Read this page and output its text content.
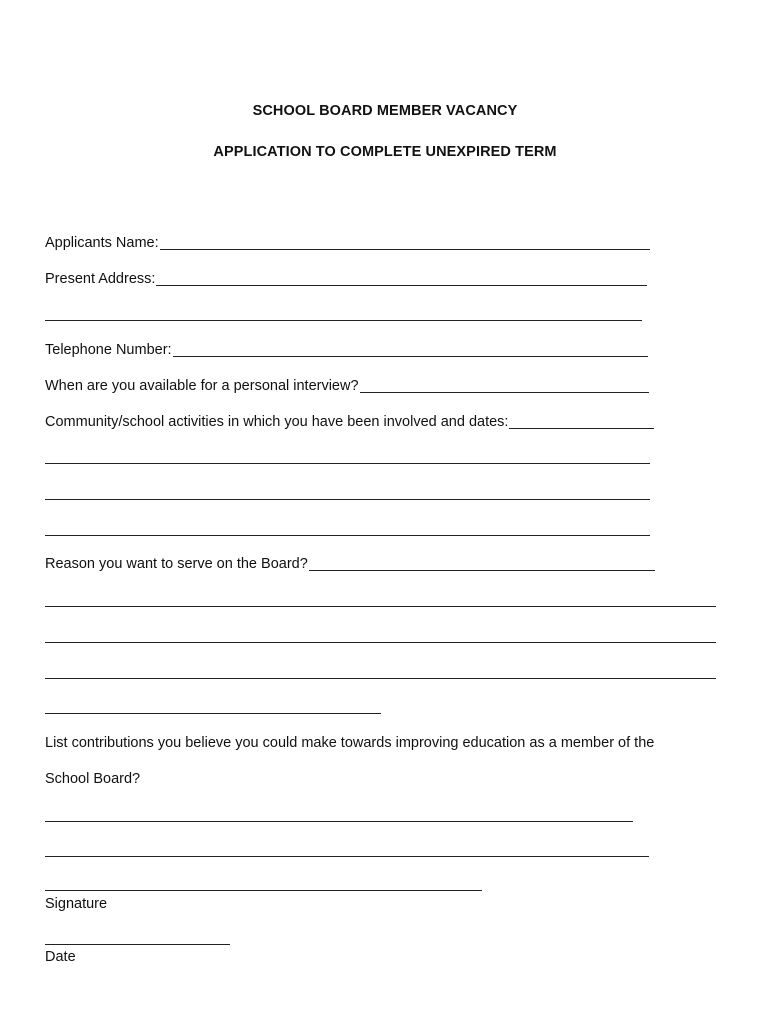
SCHOOL BOARD MEMBER VACANCY
APPLICATION TO COMPLETE UNEXPIRED TERM
Applicants Name:
Present Address:
Telephone Number:
When are you available for a personal interview?
Community/school activities in which you have been involved and dates:
Reason you want to serve on the Board?
List contributions you believe you could make towards improving education as a member of the
School Board?
Signature
Date
